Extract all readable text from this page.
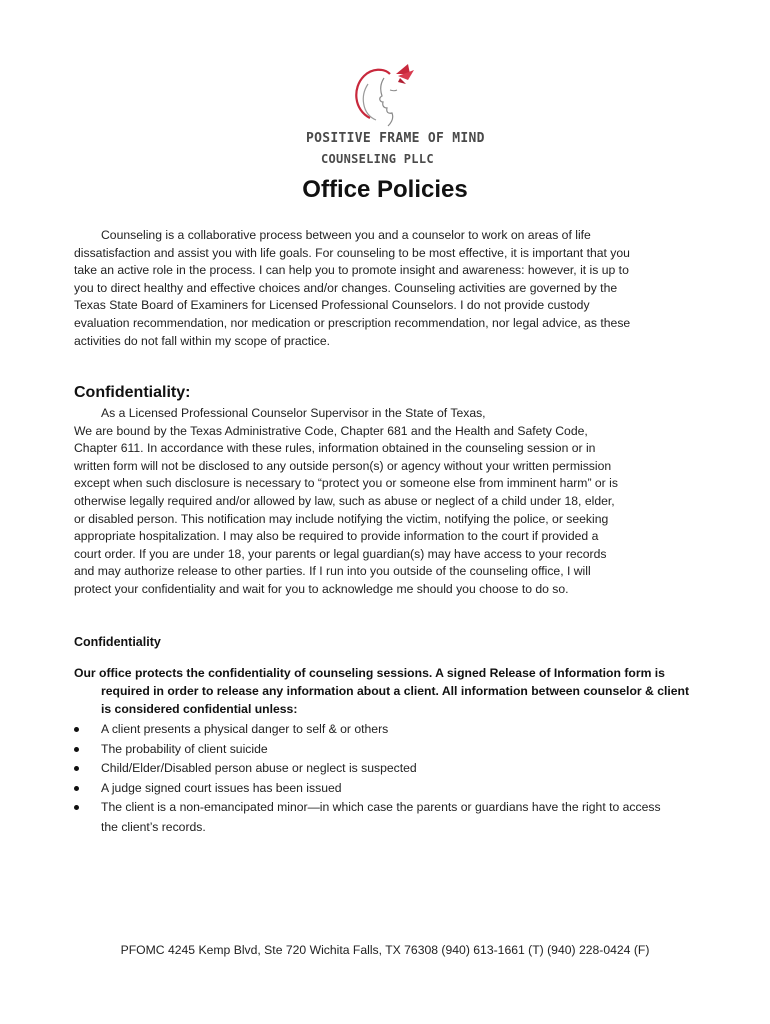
POSITIVE FRAME OF MIND
COUNSELING PLLC
Office Policies
Counseling is a collaborative process between you and a counselor to work on areas of life dissatisfaction and assist you with life goals. For counseling to be most effective, it is important that you take an active role in the process. I can help you to promote insight and awareness: however, it is up to you to direct healthy and effective choices and/or changes. Counseling activities are governed by the Texas State Board of Examiners for Licensed Professional Counselors. I do not provide custody evaluation recommendation, nor medication or prescription recommendation, nor legal advice, as these activities do not fall within my scope of practice.
Confidentiality:
As a Licensed Professional Counselor Supervisor in the State of Texas,
We are bound by the Texas Administrative Code, Chapter 681 and the Health and Safety Code, Chapter 611. In accordance with these rules, information obtained in the counseling session or in written form will not be disclosed to any outside person(s) or agency without your written permission except when such disclosure is necessary to “protect you or someone else from imminent harm” or is otherwise legally required and/or allowed by law, such as abuse or neglect of a child under 18, elder, or disabled person. This notification may include notifying the victim, notifying the police, or seeking appropriate hospitalization. I may also be required to provide information to the court if provided a court order. If you are under 18, your parents or legal guardian(s) may have access to your records and may authorize release to other parties. If I run into you outside of the counseling office, I will protect your confidentiality and wait for you to acknowledge me should you choose to do so.
Confidentiality
Our office protects the confidentiality of counseling sessions. A signed Release of Information form is required in order to release any information about a client. All information between counselor & client is considered confidential unless:
A client presents a physical danger to self & or others
The probability of client suicide
Child/Elder/Disabled person abuse or neglect is suspected
A judge signed court issues has been issued
The client is a non-emancipated minor—in which case the parents or guardians have the right to access the client’s records.
PFOMC 4245 Kemp Blvd, Ste 720 Wichita Falls, TX 76308 (940) 613-1661 (T) (940) 228-0424 (F)
